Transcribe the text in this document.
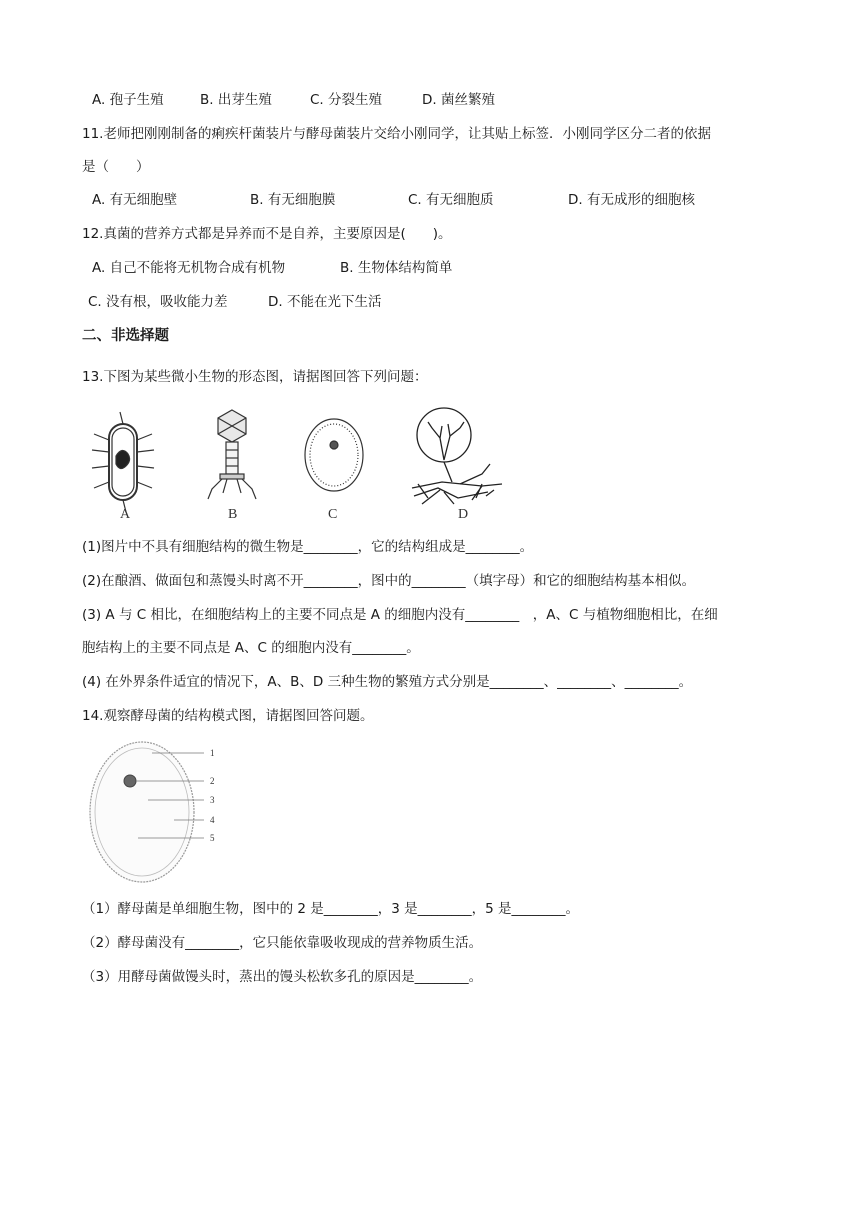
A. 孢子生殖	B. 出芽生殖	C. 分裂生殖	D. 菌丝繁殖
11.老师把刚刚制备的痢疾杆菌装片与酵母菌装片交给小刚同学，让其贴上标签．小刚同学区分二者的依据
是（　　）
A. 有无细胞壁	B. 有无细胞膜	C. 有无细胞质	D. 有无成形的细胞核
12.真菌的营养方式都是异养而不是自养，主要原因是(　　)。
A. 自己不能将无机物合成有机物	B. 生物体结构简单
C. 没有根，吸收能力差	D. 不能在光下生活
二、非选择题
13.下图为某些微小生物的形态图，请据图回答下列问题：
A	B	C	D
(1)图片中不具有细胞结构的微生物是________，它的结构组成是________。
(2)在酿酒、做面包和蒸馒头时离不开________，图中的________（填字母）和它的细胞结构基本相似。
(3) A 与 C 相比，在细胞结构上的主要不同点是 A 的细胞内没有________　，A、C 与植物细胞相比，在细
胞结构上的主要不同点是 A、C 的细胞内没有________。
(4) 在外界条件适宜的情况下，A、B、D 三种生物的繁殖方式分别是________、________、________。
14.观察酵母菌的结构模式图，请据图回答问题。
1
2
3
4
5
（1）酵母菌是单细胞生物，图中的 2 是________，3 是________，5 是________。
（2）酵母菌没有________，它只能依靠吸收现成的营养物质生活。
（3）用酵母菌做馒头时，蒸出的馒头松软多孔的原因是________。
